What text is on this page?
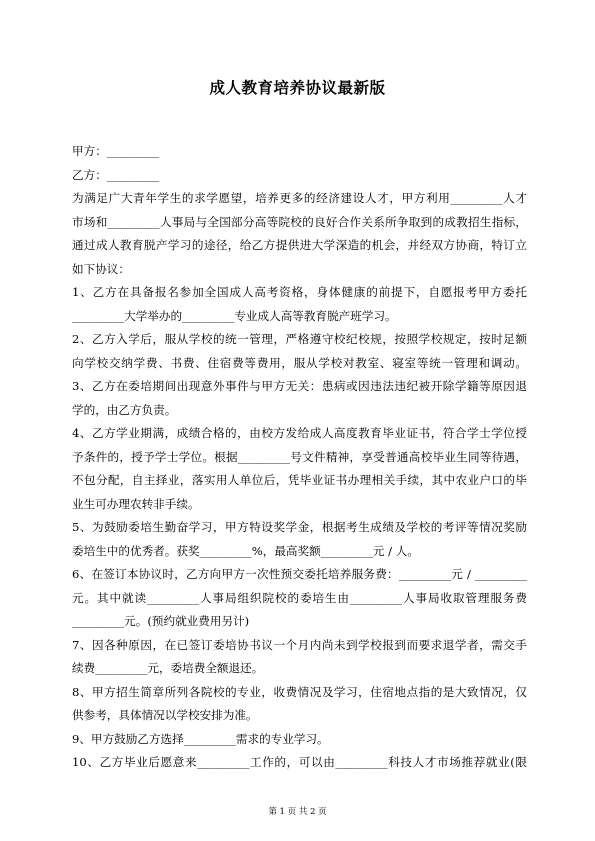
成人教育培养协议最新版
甲方：_________
乙方：_________
为满足广大青年学生的求学愿望，培养更多的经济建设人才，甲方利用_________人才
市场和_________人事局与全国部分高等院校的良好合作关系所争取到的成教招生指标，
通过成人教育脱产学习的途径，给乙方提供进大学深造的机会，并经双方协商，特订立
如下协议：
1、乙方在具备报名参加全国成人高考资格，身体健康的前提下，自愿报考甲方委托
_________大学举办的_________专业成人高等教育脱产班学习。
2、乙方入学后，服从学校的统一管理，严格遵守校纪校规，按照学校规定，按时足额
向学校交纳学费、书费、住宿费等费用，服从学校对教室、寝室等统一管理和调动。
3、乙方在委培期间出现意外事件与甲方无关：患病或因违法违纪被开除学籍等原因退
学的，由乙方负责。
4、乙方学业期满，成绩合格的，由校方发给成人高度教育毕业证书，符合学士学位授
予条件的，授予学士学位。根据_________号文件精神，享受普通高校毕业生同等待遇，
不包分配，自主择业，落实用人单位后，凭毕业证书办理相关手续，其中农业户口的毕
业生可办理农转非手续。
5、为鼓励委培生勤奋学习，甲方特设奖学金，根据考生成绩及学校的考评等情况奖励
委培生中的优秀者。获奖_________%，最高奖额_________元 / 人。
6、在签订本协议时，乙方向甲方一次性预交委托培养服务费：_________元 / _________
元。其中就读_________人事局组织院校的委培生由_________人事局收取管理服务费
_________元。(预约就业费用另计)
7、因各种原因，在已签订委培协书议一个月内尚未到学校报到而要求退学者，需交手
续费_________元，委培费全额退还。
8、甲方招生简章所列各院校的专业，收费情况及学习，住宿地点指的是大致情况，仅
供参考，具体情况以学校安排为准。
9、甲方鼓励乙方选择_________需求的专业学习。
10、乙方毕业后愿意来_________工作的，可以由_________科技人才市场推荐就业(限
第 1 页 共 2 页
